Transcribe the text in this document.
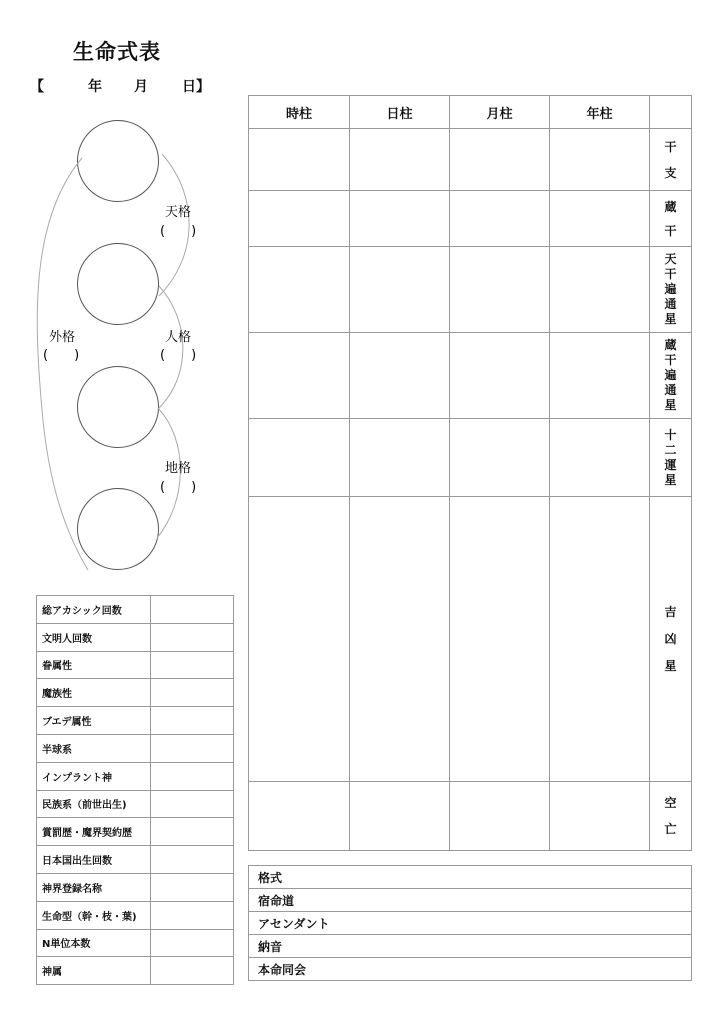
生命式表
【	年 月 日】
天格
(　　)
人格
(　　)
外格
(　　)
地格
(　　)
総アカシック回数	
文明人回数	
眷属性	
魔族性	
ブエデ属性	
半球系	
インプラント神	
民族系（前世出生)	
賞罰歴・魔界契約歴	
日本国出生回数	
神界登録名称	
生命型（幹・枝・葉)	
N単位本数	
神属	
時柱	日柱	月柱	年柱	
				干支
				蔵干
				天干遍通星
				蔵干遍通星
				十二運星
				吉凶星
				空亡
格式
宿命道
アセンダント
納音
本命同会
